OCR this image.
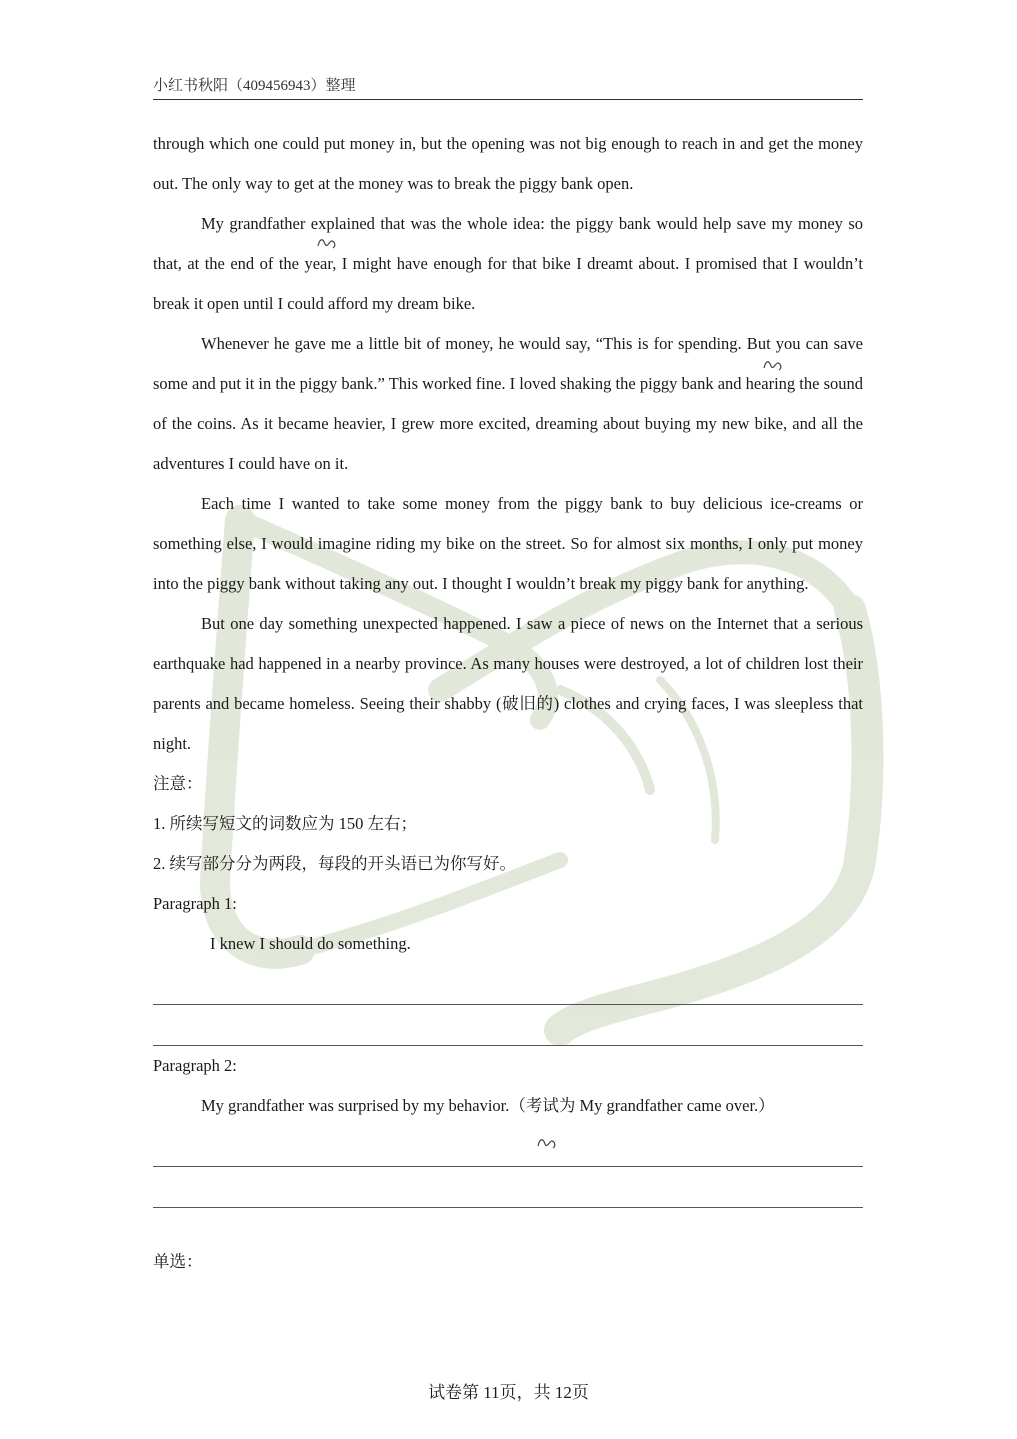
小红书秋阳（409456943）整理

through which one could put money in, but the opening was not big enough to reach in and get the money out. The only way to get at the money was to break the piggy bank open.

My grandfather explained that was the whole idea: the piggy bank would help save my money so that, at the end of the year, I might have enough for that bike I dreamt about. I promised that I wouldn’t break it open until I could afford my dream bike.

Whenever he gave me a little bit of money, he would say, “This is for spending. But you can save some and put it in the piggy bank.” This worked fine. I loved shaking the piggy bank and hearing the sound of the coins. As it became heavier, I grew more excited, dreaming about buying my new bike, and all the adventures I could have on it.

Each time I wanted to take some money from the piggy bank to buy delicious ice-creams or something else, I would imagine riding my bike on the street. So for almost six months, I only put money into the piggy bank without taking any out. I thought I wouldn’t break my piggy bank for anything.

But one day something unexpected happened. I saw a piece of news on the Internet that a serious earthquake had happened in a nearby province. As many houses were destroyed, a lot of children lost their parents and became homeless. Seeing their shabby (破旧的) clothes and crying faces, I was sleepless that night.

注意：
1. 所续写短文的词数应为 150 左右；
2. 续写部分分为两段，每段的开头语已为你写好。
Paragraph 1:
I knew I should do something.
Paragraph 2:
My grandfather was surprised by my behavior.（考试为 My grandfather came over.）
单选：
试卷第 11页，共 12页
